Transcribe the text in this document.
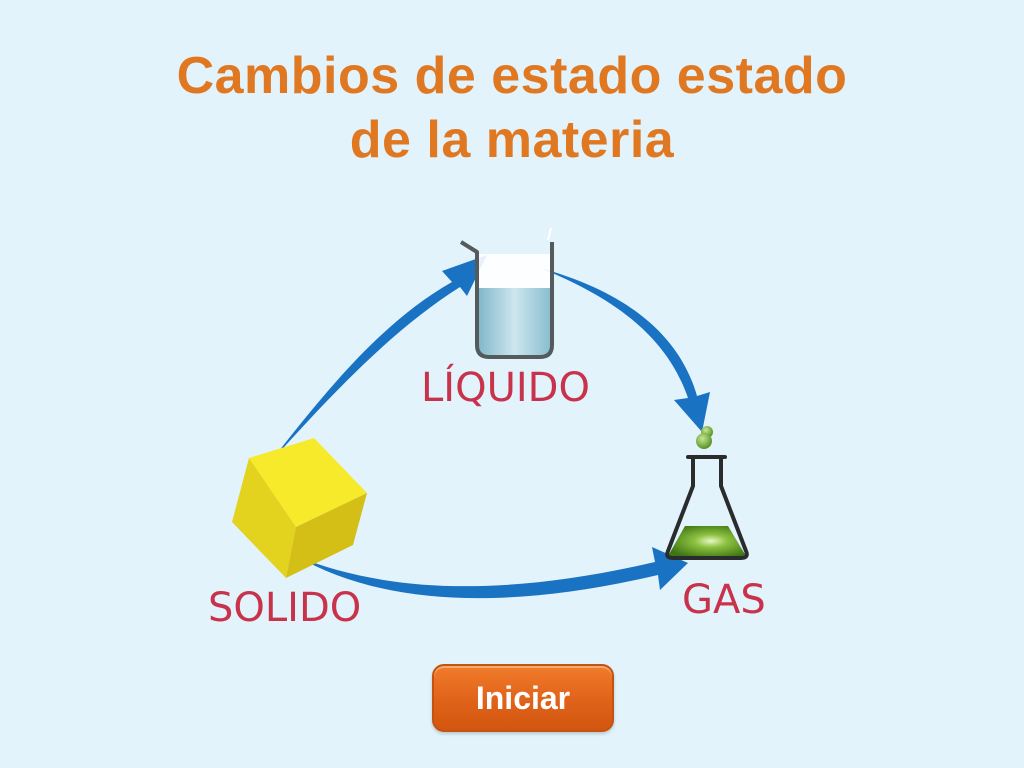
Cambios de estado estado
de la materia
LÍQUIDO
SOLIDO	GAS
Iniciar
